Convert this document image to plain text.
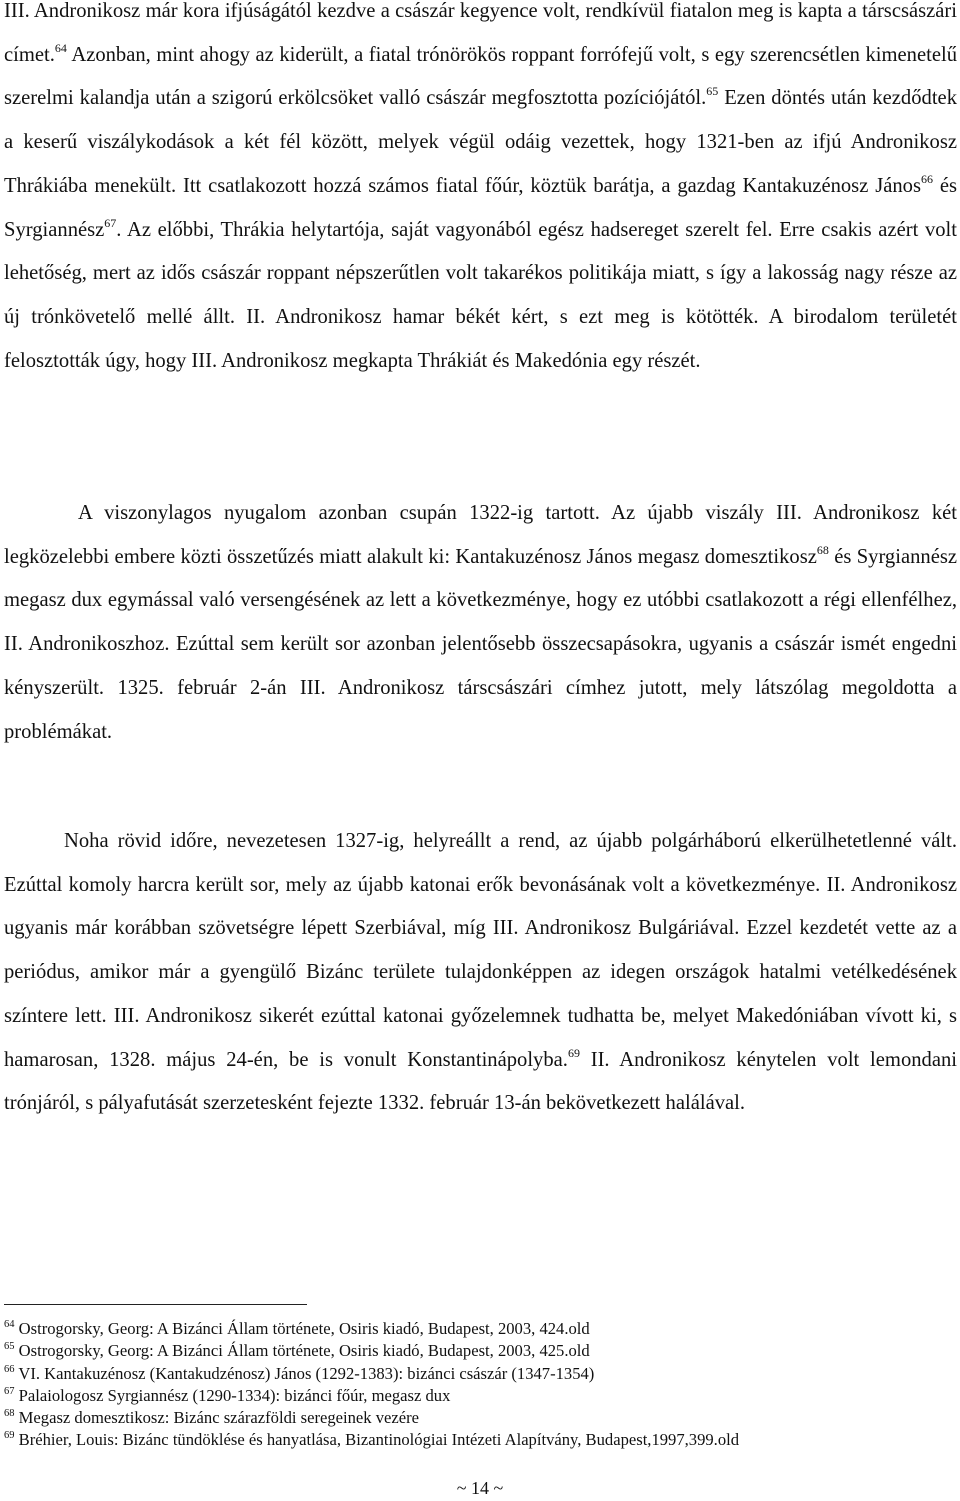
III. Andronikosz már kora ifjúságától kezdve a császár kegyence volt, rendkívül fiatalon meg is kapta a társcsászári címet.$^{64}$ Azonban, mint ahogy az kiderült, a fiatal trónörökös roppant forrófejű volt, s egy szerencsétlen kimenetelű szerelmi kalandja után a szigorú erkölcsöket valló császár megfosztotta pozíciójától.$^{65}$ Ezen döntés után kezdődtek a keserű viszálykodások a két fél között, melyek végül odáig vezettek, hogy 1321-ben az ifjú Andronikosz Thrákiába menekült. Itt csatlakozott hozzá számos fiatal főúr, köztük barátja, a gazdag Kantakuzénosz János$^{66}$ és Syrgiannész$^{67}$. Az előbbi, Thrákia helytartója, saját vagyonából egész hadsereget szerelt fel. Erre csakis azért volt lehetőség, mert az idős császár roppant népszerűtlen volt takarékos politikája miatt, s így a lakosság nagy része az új trónkövetelő mellé állt. II. Andronikosz hamar békét kért, s ezt meg is kötötték. A birodalom területét felosztották úgy, hogy III. Andronikosz megkapta Thrákiát és Makedónia egy részét.

A viszonylagos nyugalom azonban csupán 1322-ig tartott. Az újabb viszály III. Andronikosz két legközelebbi embere közti összetűzés miatt alakult ki: Kantakuzénosz János megasz domesztikosz$^{68}$ és Syrgiannész megasz dux egymással való versengésének az lett a következménye, hogy ez utóbbi csatlakozott a régi ellenfélhez, II. Andronikoszhoz. Ezúttal sem került sor azonban jelentősebb összecsapásokra, ugyanis a császár ismét engedni kényszerült. 1325. február 2-án III. Andronikosz társcsászári címhez jutott, mely látszólag megoldotta a problémákat.

Noha rövid időre, nevezetesen 1327-ig, helyreállt a rend, az újabb polgárháború elkerülhetetlenné vált. Ezúttal komoly harcra került sor, mely az újabb katonai erők bevonásának volt a következménye. II. Andronikosz ugyanis már korábban szövetségre lépett Szerbiával, míg III. Andronikosz Bulgáriával. Ezzel kezdetét vette az a periódus, amikor már a gyengülő Bizánc területe tulajdonképpen az idegen országok hatalmi vetélkedésének színtere lett. III. Andronikosz sikerét ezúttal katonai győzelemnek tudhatta be, melyet Makedóniában vívott ki, s hamarosan, 1328. május 24-én, be is vonult Konstantinápolyba.$^{69}$ II. Andronikosz kénytelen volt lemondani trónjáról, s pályafutását szerzetesként fejezte 1332. február 13-án bekövetkezett halálával.

$^{64}$ Ostrogorsky, Georg: A Bizánci Állam története, Osiris kiadó, Budapest, 2003, 424.old
$^{65}$ Ostrogorsky, Georg: A Bizánci Állam története, Osiris kiadó, Budapest, 2003, 425.old
$^{66}$ VI. Kantakuzénosz (Kantakudzénosz) János (1292-1383): bizánci császár (1347-1354)
$^{67}$ Palaiologosz Syrgiannész (1290-1334): bizánci főúr, megasz dux
$^{68}$ Megasz domesztikosz: Bizánc szárazföldi seregeinek vezére
$^{69}$ Bréhier, Louis: Bizánc tündöklése és hanyatlása, Bizantinológiai Intézeti Alapítvány, Budapest,1997,399.old
~ 14 ~
